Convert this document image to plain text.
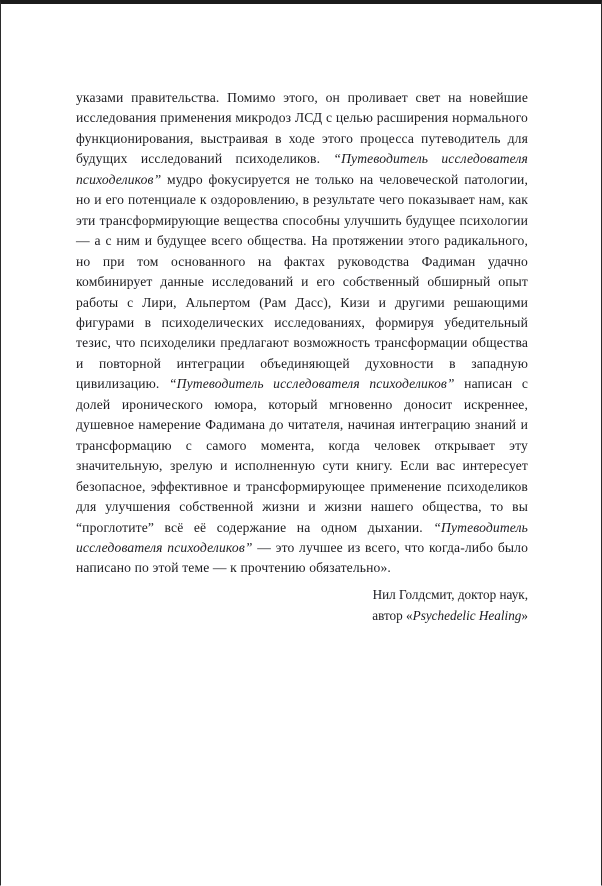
указами правительства. Помимо этого, он проливает свет на новейшие исследования применения микродоз ЛСД с целью расширения нормального функционирования, выстраивая в ходе этого процесса путеводитель для будущих исследований психоделиков. “Путеводитель исследователя психоделиков” мудро фокусируется не только на человеческой патологии, но и его потенциале к оздоровлению, в результате чего показывает нам, как эти трансформирующие вещества способны улучшить будущее психологии — а с ним и будущее всего общества. На протяжении этого радикального, но при том основанного на фактах руководства Фадиман удачно комбинирует данные исследований и его собственный обширный опыт работы с Лири, Альпертом (Рам Дасс), Кизи и другими решающими фигурами в психоделических исследованиях, формируя убедительный тезис, что психоделики предлагают возможность трансформации общества и повторной интеграции объединяющей духовности в западную цивилизацию. “Путеводитель исследователя психоделиков” написан с долей иронического юмора, который мгновенно доносит искреннее, душевное намерение Фадимана до читателя, начиная интеграцию знаний и трансформацию с самого момента, когда человек открывает эту значительную, зрелую и исполненную сути книгу. Если вас интересует безопасное, эффективное и трансформирующее применение психоделиков для улучшения собственной жизни и жизни нашего общества, то вы “проглотите” всё её содержание на одном дыхании. “Путеводитель исследователя психоделиков” — это лучшее из всего, что когда-либо было написано по этой теме — к прочтению обязательно».

Нил Голдсмит, доктор наук,
автор «Psychedelic Healing»
